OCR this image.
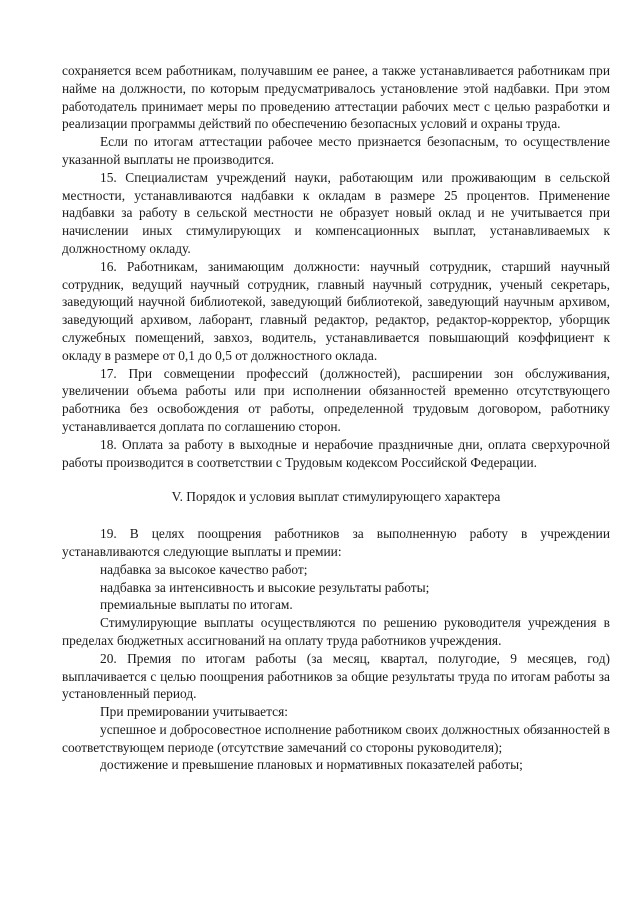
сохраняется всем работникам, получавшим ее ранее, а также устанавливается работникам при найме на должности, по которым предусматривалось установление этой надбавки. При этом работодатель принимает меры по проведению аттестации рабочих мест с целью разработки и реализации программы действий по обеспечению безопасных условий и охраны труда.

Если по итогам аттестации рабочее место признается безопасным, то осуществление указанной выплаты не производится.

15. Специалистам учреждений науки, работающим или проживающим в сельской местности, устанавливаются надбавки к окладам в размере 25 процентов. Применение надбавки за работу в сельской местности не образует новый оклад и не учитывается при начислении иных стимулирующих и компенсационных выплат, устанавливаемых к должностному окладу.

16. Работникам, занимающим должности: научный сотрудник, старший научный сотрудник, ведущий научный сотрудник, главный научный сотрудник, ученый секретарь, заведующий научной библиотекой, заведующий библиотекой, заведующий научным архивом, заведующий архивом, лаборант, главный редактор, редактор, редактор-корректор, уборщик служебных помещений, завхоз, водитель, устанавливается повышающий коэффициент к окладу в размере от 0,1 до 0,5 от должностного оклада.

17. При совмещении профессий (должностей), расширении зон обслуживания, увеличении объема работы или при исполнении обязанностей временно отсутствующего работника без освобождения от работы, определенной трудовым договором, работнику устанавливается доплата по соглашению сторон.

18. Оплата за работу в выходные и нерабочие праздничные дни, оплата сверхурочной работы производится в соответствии с Трудовым кодексом Российской Федерации.

V. Порядок и условия выплат стимулирующего характера

19. В целях поощрения работников за выполненную работу в учреждении устанавливаются следующие выплаты и премии:

надбавка за высокое качество работ;

надбавка за интенсивность и высокие результаты работы;

премиальные выплаты по итогам.

Стимулирующие выплаты осуществляются по решению руководителя учреждения в пределах бюджетных ассигнований на оплату труда работников учреждения.

20. Премия по итогам работы (за месяц, квартал, полугодие, 9 месяцев, год) выплачивается с целью поощрения работников за общие результаты труда по итогам работы за установленный период.

При премировании учитывается:

успешное и добросовестное исполнение работником своих должностных обязанностей в соответствующем периоде (отсутствие замечаний со стороны руководителя);

достижение и превышение плановых и нормативных показателей работы;
